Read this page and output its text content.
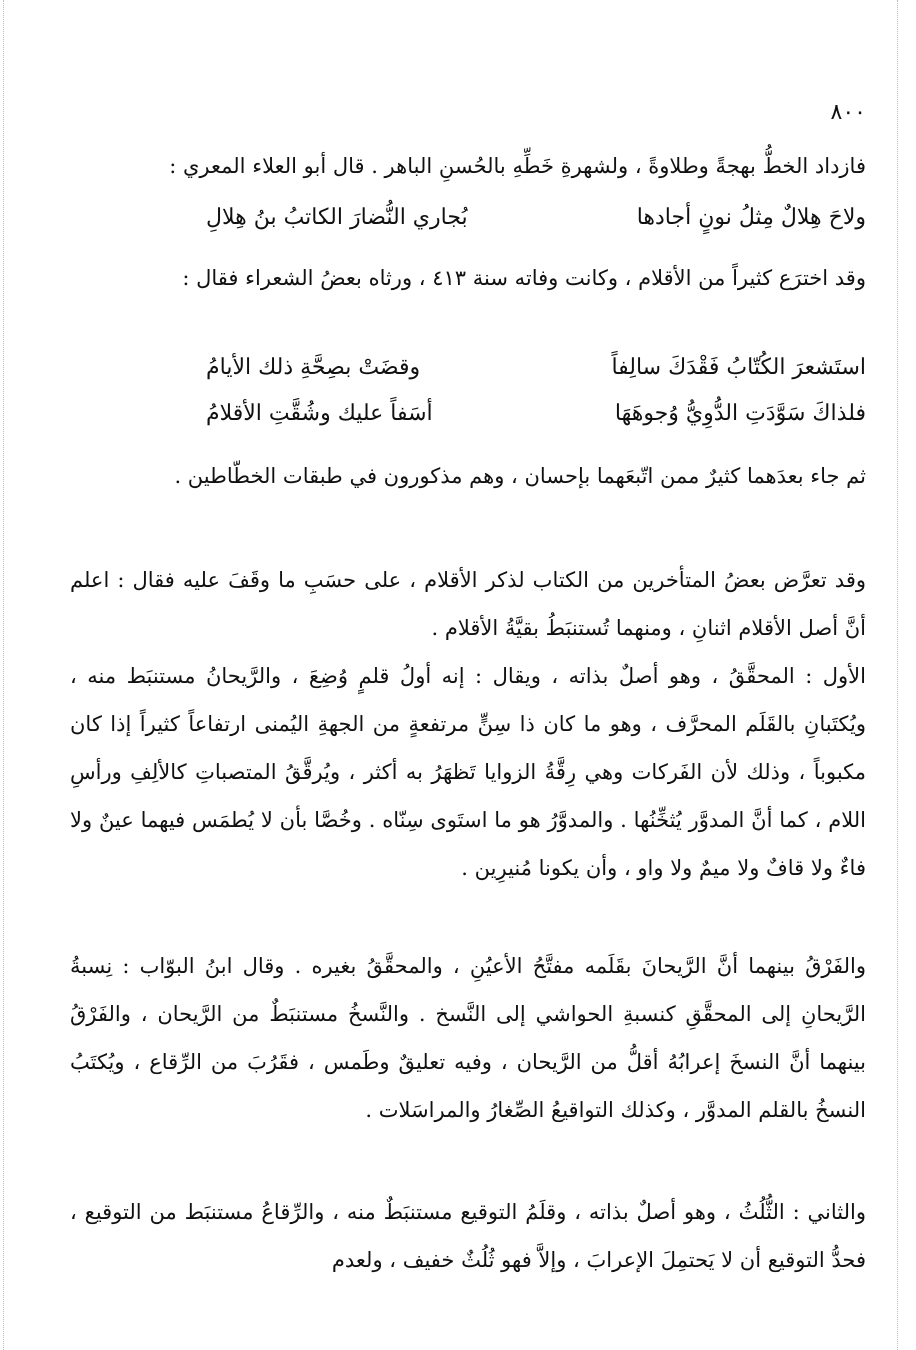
٨٠٠
فازداد الخطُّ بهجةً وطلاوةً ، ولشهرةِ خَطِّهِ بالحُسنِ الباهر . قال أبو العلاء المعري :
ولاحَ هِلالٌ مِثلُ نونٍ أجادها
بُجاري النُّضارَ الكاتبُ بنُ هِلالِ
وقد اخترَع كثيراً من الأقلام ، وكانت وفاته سنة ٤١٣ ، ورثاه بعضُ الشعراء فقال :
استَشعرَ الكُتّابُ فَقْدَكَ سالِفاً
وقضَتْ بصِحَّةِ ذلك الأيامُ
فلذاكَ سَوَّدَتِ الدُّوِيُّ وُجوهَهَا
أسَفاً عليك وشُقَّتِ الأقلامُ
ثم جاء بعدَهما كثيرٌ ممن اتّبعَهما بإحسان ، وهم مذكورون في طبقات الخطّاطين .
وقد تعرَّض بعضُ المتأخرين من الكتاب لذكر الأقلام ، على حسَبِ ما وقَفَ عليه فقال : اعلم أنَّ أصل الأقلام اثنانِ ، ومنهما تُستنبَطُ بقيَّةُ الأقلام .
الأول : المحقَّقُ ، وهو أصلٌ بذاته ، ويقال : إنه أولُ قلمٍ وُضِعَ ، والرَّيحانُ مستنبَط منه ، ويُكتَبانِ بالقَلَم المحرَّف ، وهو ما كان ذا سِنٍّ مرتفعةٍ من الجهةِ اليُمنى ارتفاعاً كثيراً إذا كان مكبوباً ، وذلك لأن الفَركات وهي رِقَّةُ الزوايا تَظهَرُ به أكثر ، ويُرقَّقُ المتصباتِ كالألِفِ ورأسِ اللام ، كما أنَّ المدوَّر يُثخِّنُها . والمدوَّرُ هو ما استَوى سِنّاه . وخُصَّا بأن لا يُطمَس فيهما عينٌ ولا فاءٌ ولا قافٌ ولا ميمٌ ولا واو ، وأن يكونا مُنيرِين .
والفَرْقُ بينهما أنَّ الرَّيحانَ بقَلَمه مفتَّحُ الأعيُنِ ، والمحقَّقُ بغيره . وقال ابنُ البوّاب : نِسبةُ الرَّيحانِ إلى المحقَّقِ كنسبةِ الحواشي إلى النَّسخ . والنَّسخُ مستنبَطٌ من الرَّيحان ، والفَرْقُ بينهما أنَّ النسخَ إعرابُهُ أقلُّ من الرَّيحان ، وفيه تعليقٌ وطَمس ، فقَرُبَ من الرِّقاع ، ويُكتَبُ النسخُ بالقلم المدوَّر ، وكذلك التواقيعُ الصِّغارُ والمراسَلات .
والثاني : الثُّلُثُ ، وهو أصلٌ بذاته ، وقلَمُ التوقيع مستنبَطٌ منه ، والرِّقاعُ مستنبَط من التوقيع ، فحدُّ التوقيع أن لا يَحتمِلَ الإعرابَ ، وإلاَّ فهو ثُلُثٌ خفيف ، ولعدم
